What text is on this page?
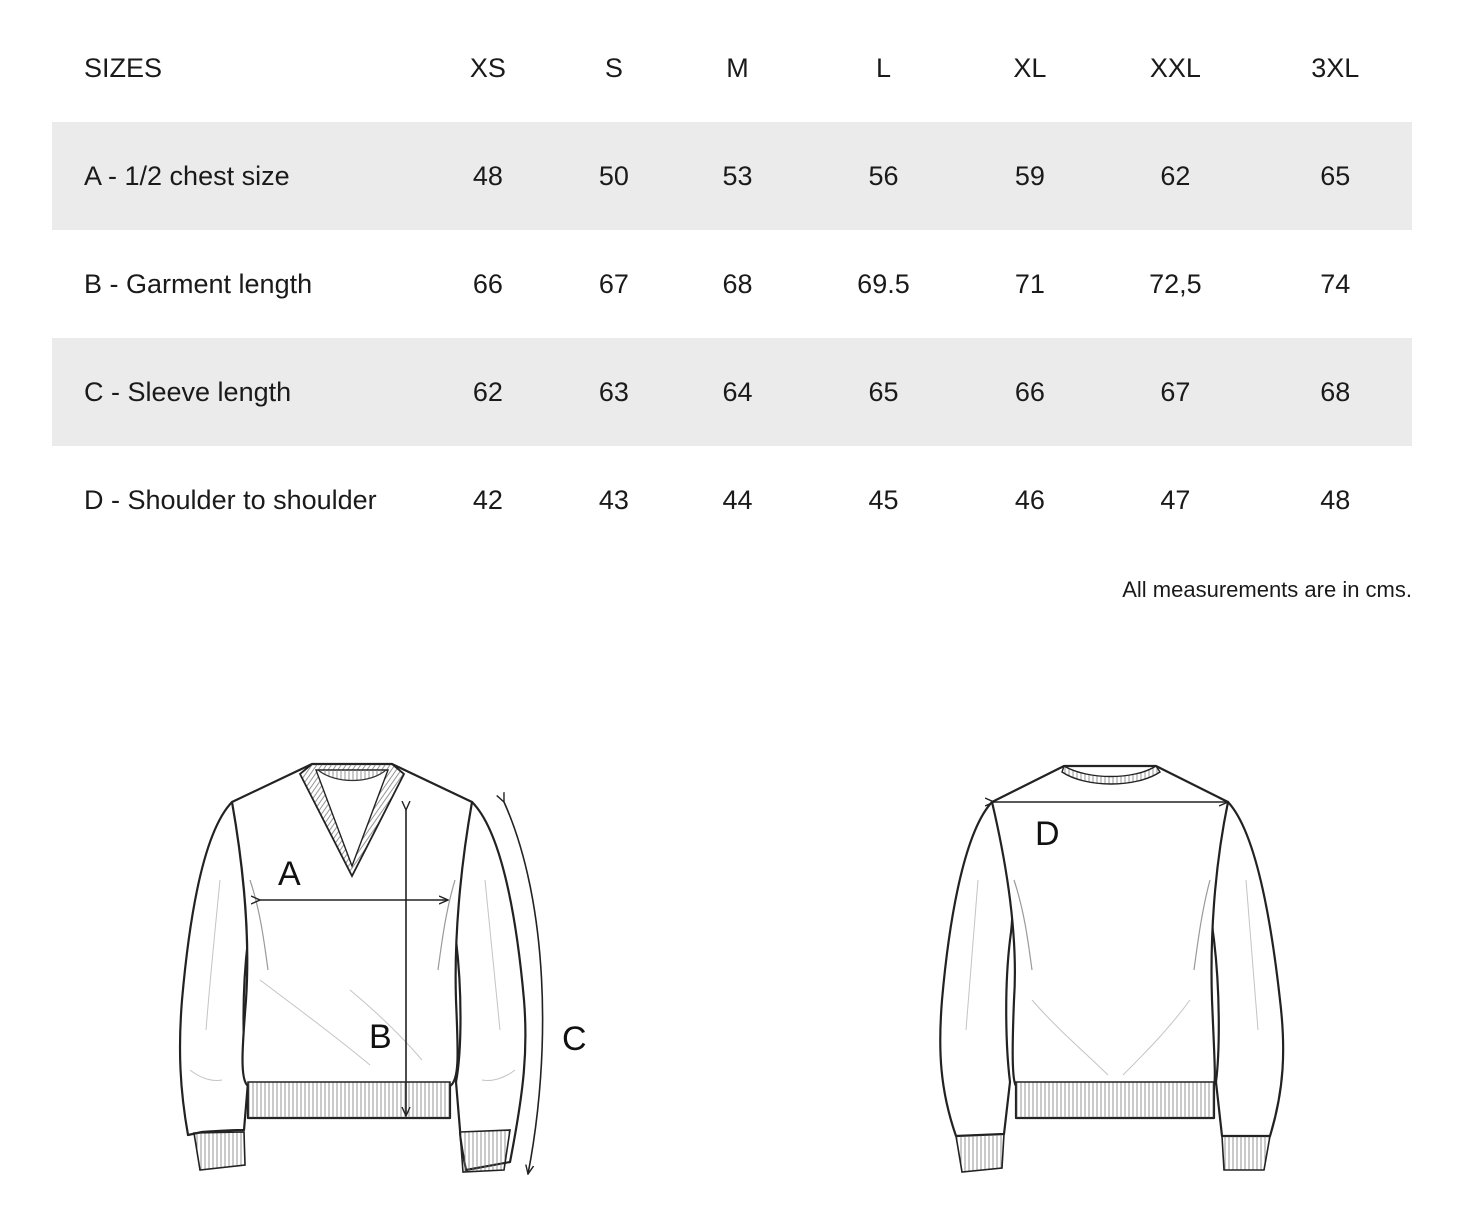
SIZES	XS	S	M	L	XL	XXL	3XL
A - 1/2 chest size	48	50	53	56	59	62	65
B - Garment length	66	67	68	69.5	71	72,5	74
C - Sleeve length	62	63	64	65	66	67	68
D - Shoulder to shoulder	42	43	44	45	46	47	48
All measurements are in cms.
A
B	C
D
